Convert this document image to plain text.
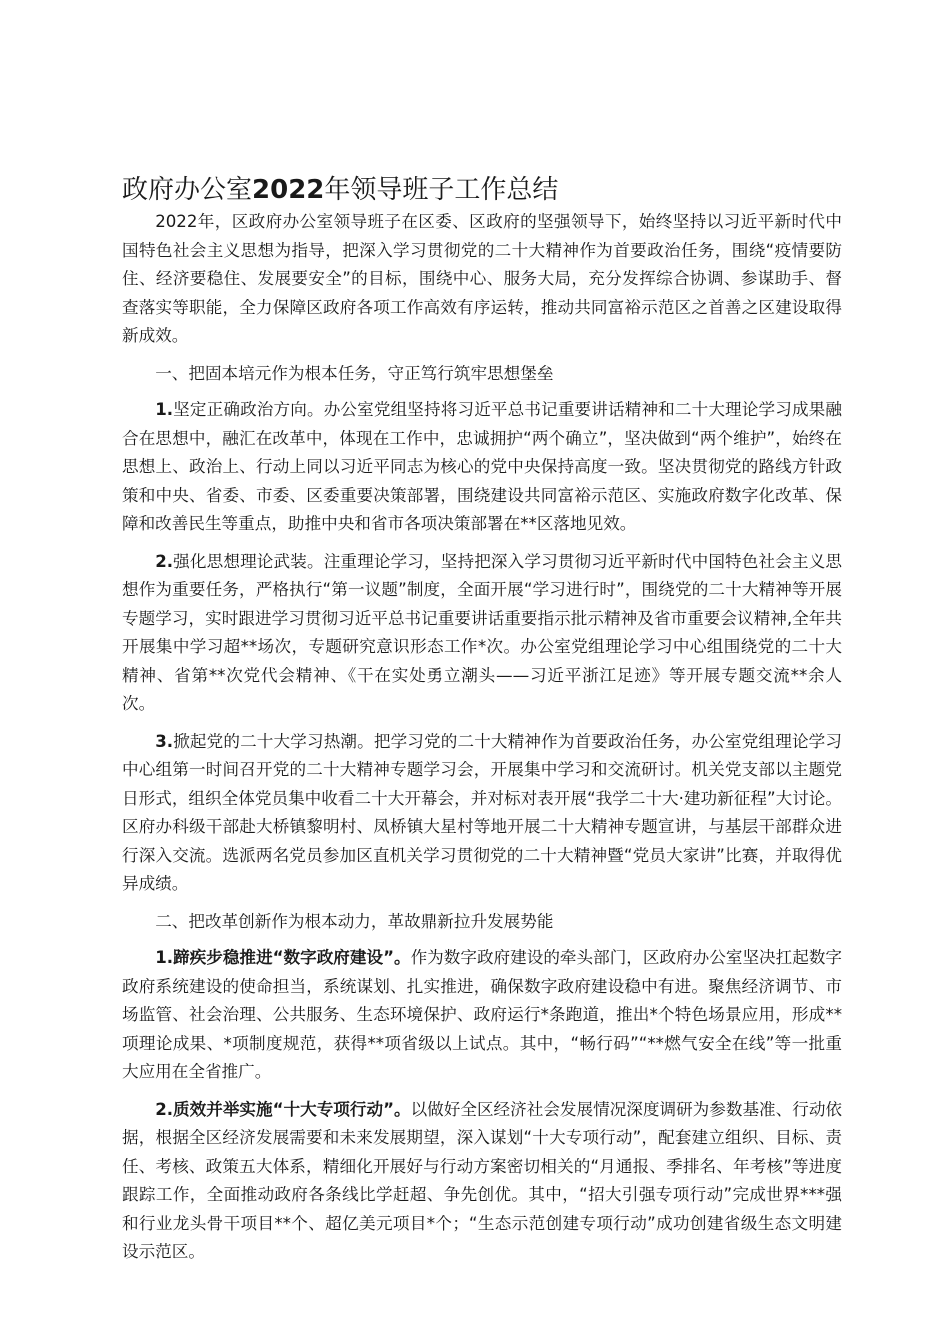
政府办公室2022年领导班子工作总结

2022年，区政府办公室领导班子在区委、区政府的坚强领导下，始终坚持以习近平新时代中国特色社会主义思想为指导，把深入学习贯彻党的二十大精神作为首要政治任务，围绕“疫情要防住、经济要稳住、发展要安全”的目标，围绕中心、服务大局，充分发挥综合协调、参谋助手、督查落实等职能，全力保障区政府各项工作高效有序运转，推动共同富裕示范区之首善之区建设取得新成效。

一、把固本培元作为根本任务，守正笃行筑牢思想堡垒

1.坚定正确政治方向。办公室党组坚持将习近平总书记重要讲话精神和二十大理论学习成果融合在思想中，融汇在改革中，体现在工作中，忠诚拥护“两个确立”，坚决做到“两个维护”，始终在思想上、政治上、行动上同以习近平同志为核心的党中央保持高度一致。坚决贯彻党的路线方针政策和中央、省委、市委、区委重要决策部署，围绕建设共同富裕示范区、实施政府数字化改革、保障和改善民生等重点，助推中央和省市各项决策部署在**区落地见效。

2.强化思想理论武装。注重理论学习，坚持把深入学习贯彻习近平新时代中国特色社会主义思想作为重要任务，严格执行“第一议题”制度，全面开展“学习进行时”，围绕党的二十大精神等开展专题学习，实时跟进学习贯彻习近平总书记重要讲话重要指示批示精神及省市重要会议精神,全年共开展集中学习超**场次，专题研究意识形态工作*次。办公室党组理论学习中心组围绕党的二十大精神、省第**次党代会精神、《干在实处勇立潮头——习近平浙江足迹》等开展专题交流**余人次。

3.掀起党的二十大学习热潮。把学习党的二十大精神作为首要政治任务，办公室党组理论学习中心组第一时间召开党的二十大精神专题学习会，开展集中学习和交流研讨。机关党支部以主题党日形式，组织全体党员集中收看二十大开幕会，并对标对表开展“我学二十大·建功新征程”大讨论。区府办科级干部赴大桥镇黎明村、凤桥镇大星村等地开展二十大精神专题宣讲，与基层干部群众进行深入交流。选派两名党员参加区直机关学习贯彻党的二十大精神暨“党员大家讲”比赛，并取得优异成绩。

二、把改革创新作为根本动力，革故鼎新拉升发展势能

1.蹄疾步稳推进“数字政府建设”。作为数字政府建设的牵头部门，区政府办公室坚决扛起数字政府系统建设的使命担当，系统谋划、扎实推进，确保数字政府建设稳中有进。聚焦经济调节、市场监管、社会治理、公共服务、生态环境保护、政府运行*条跑道，推出*个特色场景应用，形成**项理论成果、*项制度规范，获得**项省级以上试点。其中，“畅行码”“**燃气安全在线”等一批重大应用在全省推广。

2.质效并举实施“十大专项行动”。以做好全区经济社会发展情况深度调研为参数基准、行动依据，根据全区经济发展需要和未来发展期望，深入谋划“十大专项行动”，配套建立组织、目标、责任、考核、政策五大体系，精细化开展好与行动方案密切相关的“月通报、季排名、年考核”等进度跟踪工作，全面推动政府各条线比学赶超、争先创优。其中，“招大引强专项行动”完成世界***强和行业龙头骨干项目**个、超亿美元项目*个；“生态示范创建专项行动”成功创建省级生态文明建设示范区。
